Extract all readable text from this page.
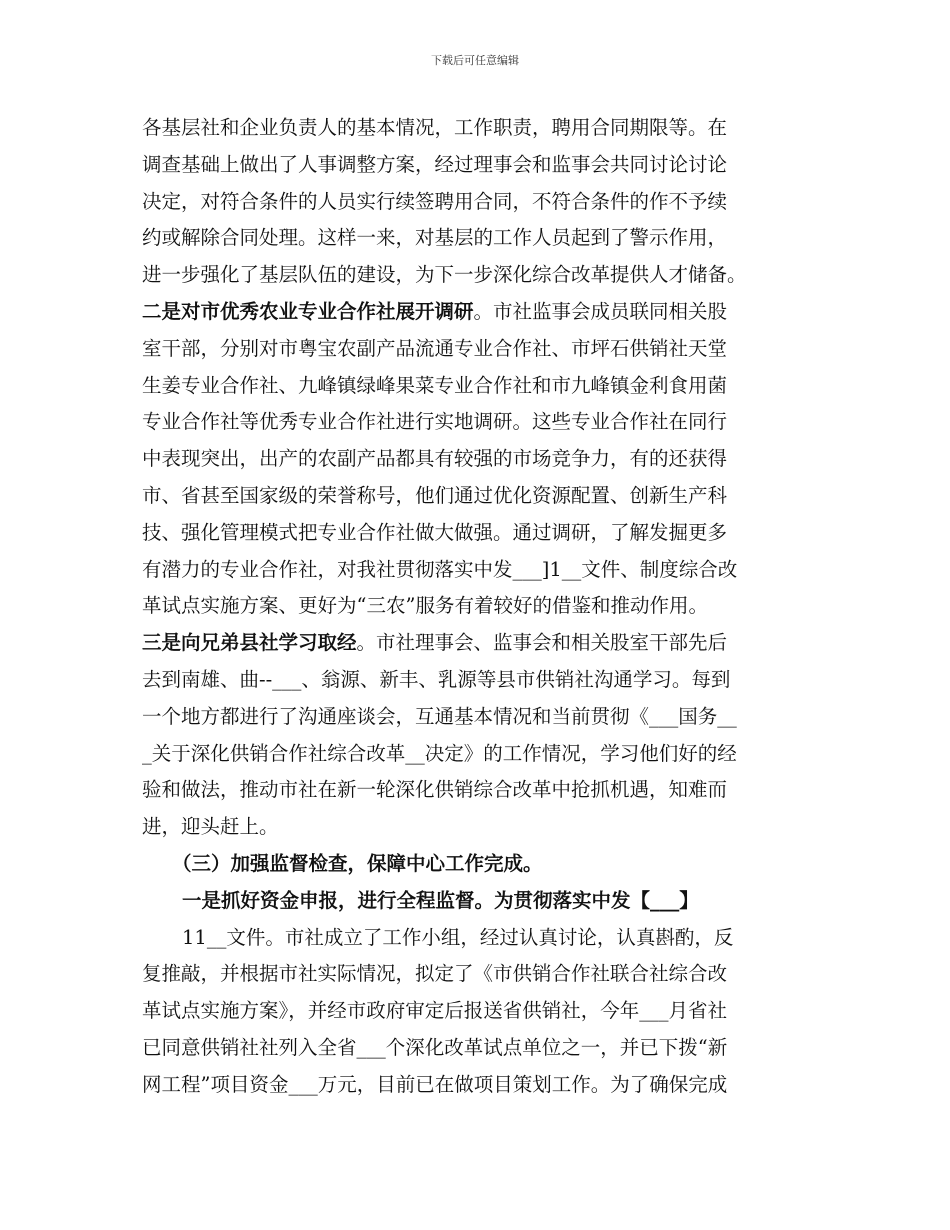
下载后可任意编辑
各基层社和企业负责人的基本情况，工作职责，聘用合同期限等。在
调查基础上做出了人事调整方案，经过理事会和监事会共同讨论讨论
决定，对符合条件的人员实行续签聘用合同，不符合条件的作不予续
约或解除合同处理。这样一来，对基层的工作人员起到了警示作用，
进一步强化了基层队伍的建设，为下一步深化综合改革提供人才储备。
二是对市优秀农业专业合作社展开调研。市社监事会成员联同相关股
室干部，分别对市粤宝农副产品流通专业合作社、市坪石供销社天堂
生姜专业合作社、九峰镇绿峰果菜专业合作社和市九峰镇金利食用菌
专业合作社等优秀专业合作社进行实地调研。这些专业合作社在同行
中表现突出，出产的农副产品都具有较强的市场竞争力，有的还获得
市、省甚至国家级的荣誉称号，他们通过优化资源配置、创新生产科
技、强化管理模式把专业合作社做大做强。通过调研，了解发掘更多
有潜力的专业合作社，对我社贯彻落实中发___]1__文件、制度综合改
革试点实施方案、更好为“三农”服务有着较好的借鉴和推动作用。
三是向兄弟县社学习取经。市社理事会、监事会和相关股室干部先后
去到南雄、曲--___、翁源、新丰、乳源等县市供销社沟通学习。每到
一个地方都进行了沟通座谈会，互通基本情况和当前贯彻《___国务__
_关于深化供销合作社综合改革__决定》的工作情况，学习他们好的经
验和做法，推动市社在新一轮深化供销综合改革中抢抓机遇，知难而
进，迎头赶上。
（三）加强监督检查，保障中心工作完成。
一是抓好资金申报，进行全程监督。为贯彻落实中发【___】
11__文件。市社成立了工作小组，经过认真讨论，认真斟酌，反
复推敲，并根据市社实际情况，拟定了《市供销合作社联合社综合改
革试点实施方案》，并经市政府审定后报送省供销社，今年___月省社
已同意供销社社列入全省___个深化改革试点单位之一，并已下拨“新
网工程”项目资金___万元，目前已在做项目策划工作。为了确保完成
